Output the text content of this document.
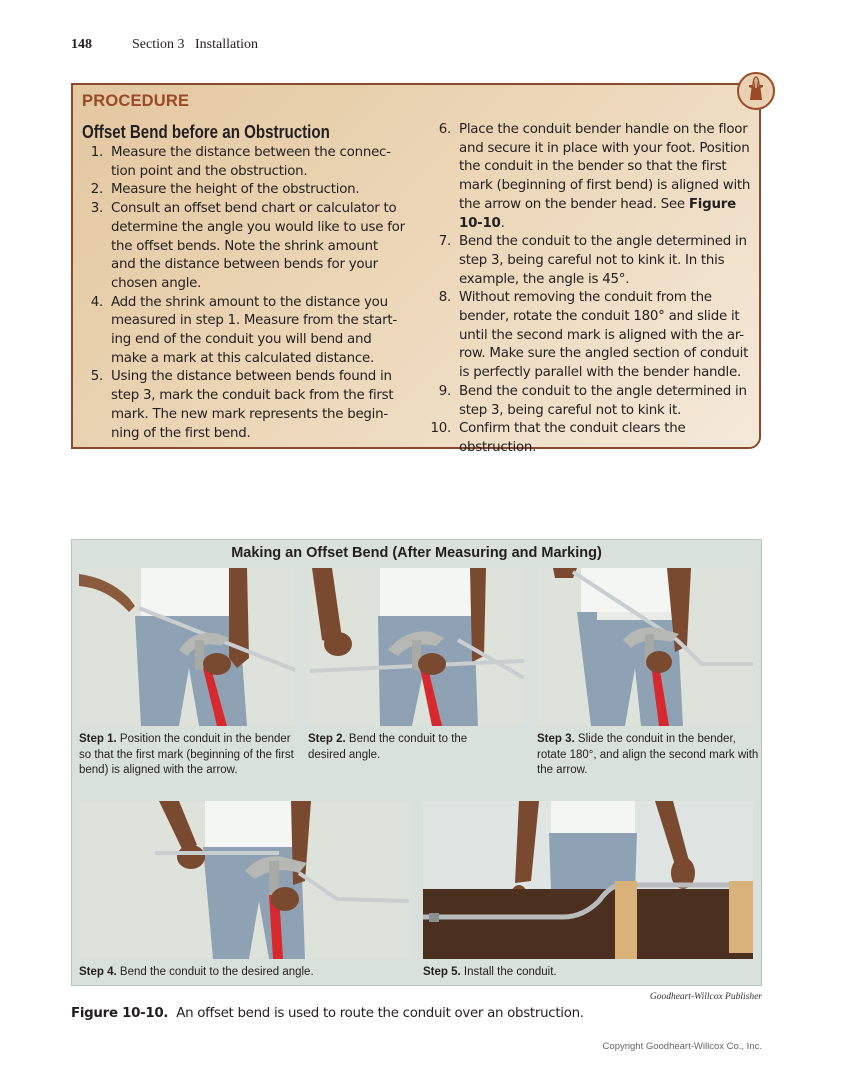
148	Section 3   Installation
PROCEDURE
Offset Bend before an Obstruction
1. Measure the distance between the connec-tion point and the obstruction.
2. Measure the height of the obstruction.
3. Consult an offset bend chart or calculator to determine the angle you would like to use for the offset bends. Note the shrink amount and the distance between bends for your chosen angle.
4. Add the shrink amount to the distance you measured in step 1. Measure from the start-ing end of the conduit you will bend and make a mark at this calculated distance.
5. Using the distance between bends found in step 3, mark the conduit back from the first mark. The new mark represents the begin-ning of the first bend.
6. Place the conduit bender handle on the floor and secure it in place with your foot. Position the conduit in the bender so that the first mark (beginning of first bend) is aligned with the arrow on the bender head. See Figure 10-10.
7. Bend the conduit to the angle determined in step 3, being careful not to kink it. In this example, the angle is 45°.
8. Without removing the conduit from the bender, rotate the conduit 180° and slide it until the second mark is aligned with the ar-row. Make sure the angled section of conduit is perfectly parallel with the bender handle.
9. Bend the conduit to the angle determined in step 3, being careful not to kink it.
10. Confirm that the conduit clears the obstruction.
Making an Offset Bend (After Measuring and Marking)
Step 1. Position the conduit in the bender so that the first mark (beginning of the first bend) is aligned with the arrow.
Step 2. Bend the conduit to the desired angle.
Step 3. Slide the conduit in the bender, rotate 180°, and align the second mark with the arrow.
Step 4. Bend the conduit to the desired angle.	Step 5. Install the conduit.
Goodheart-Willcox Publisher
Figure 10-10. An offset bend is used to route the conduit over an obstruction.
Copyright Goodheart-Willcox Co., Inc.
